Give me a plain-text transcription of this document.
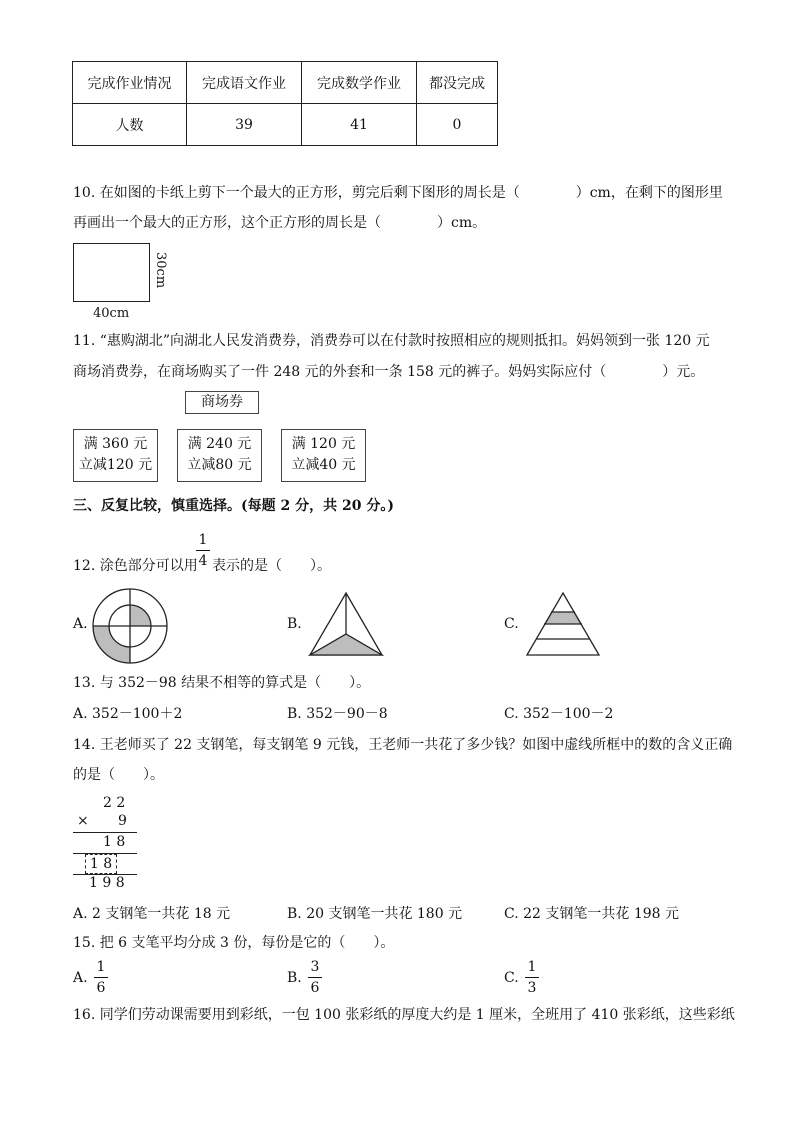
完成作业情况	完成语文作业	完成数学作业	都没完成
人数	39	41	0
10. 在如图的卡纸上剪下一个最大的正方形，剪完后剩下图形的周长是（　　　　）cm，在剩下的图形里
再画出一个最大的正方形，这个正方形的周长是（　　　　）cm。
30cm
40cm
11. “惠购湖北”向湖北人民发消费券，消费券可以在付款时按照相应的规则抵扣。妈妈领到一张 120 元
商场消费券，在商场购买了一件 248 元的外套和一条 158 元的裤子。妈妈实际应付（　　　　）元。
商场券
满 360 元
立减120 元
满 240 元
立减80 元
满 120 元
立减40 元
三、反复比较，慎重选择。(每题 2 分，共 20 分。)
12. 涂色部分可以用
1
4 表示的是（　　）。
A.	B.	C.
13. 与 352－98 结果不相等的算式是（　　）。
A. 352－100＋2	B. 352－90－8	C. 352－100－2
14. 王老师买了 22 支钢笔，每支钢笔 9 元钱，王老师一共花了多少钱？如图中虚线所框中的数的含义正确
的是（　　）。
2 2
× 9
1 8
1 8
1 9 8
A. 2 支钢笔一共花 18 元	B. 20 支钢笔一共花 180 元	C. 22 支钢笔一共花 198 元
15. 把 6 支笔平均分成 3 份，每份是它的（　　）。
A.
1
6
B.
3
6
C.
1
3
16. 同学们劳动课需要用到彩纸，一包 100 张彩纸的厚度大约是 1 厘米，全班用了 410 张彩纸，这些彩纸
